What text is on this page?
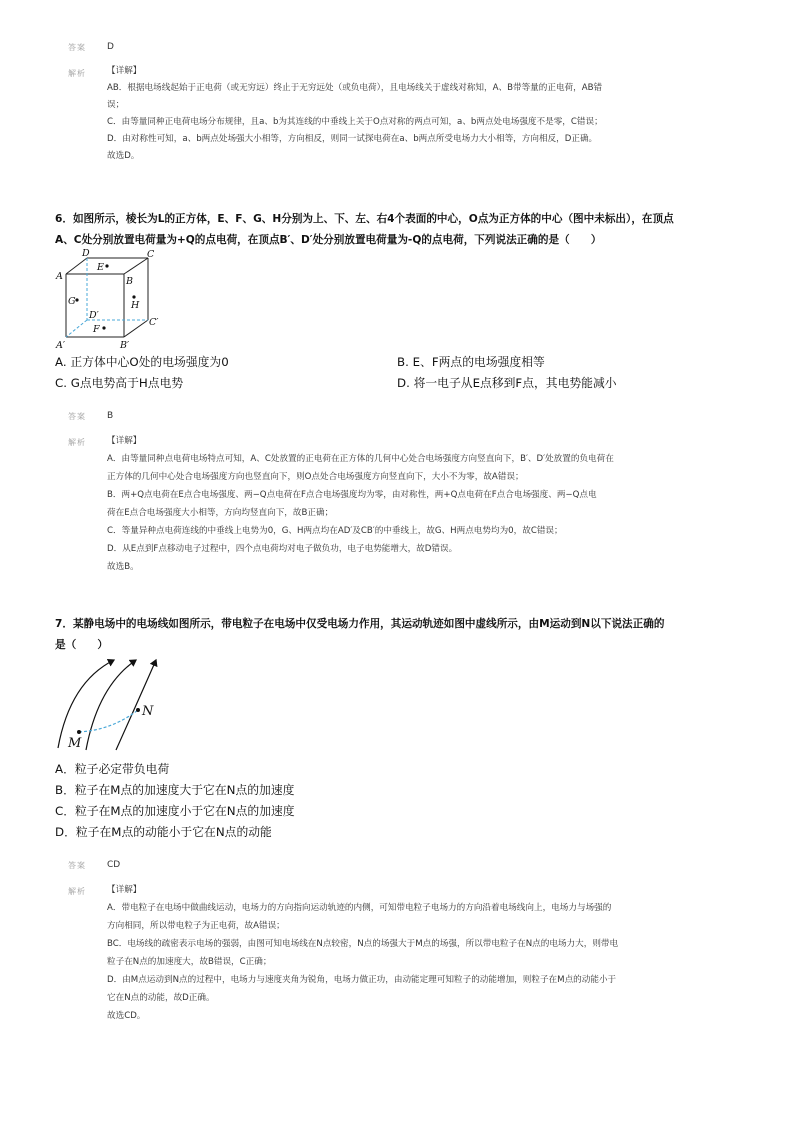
答案 D
解析 【详解】
AB．根据电场线起始于正电荷（或无穷远）终止于无穷远处（或负电荷），且电场线关于虚线对称知，A、B带等量的正电荷，AB错
误；
C．由等量同种正电荷电场分布规律，且a、b为其连线的中垂线上关于O点对称的两点可知，a、b两点处电场强度不是零，C错误；
D．由对称性可知，a、b两点处场强大小相等，方向相反，则同一试探电荷在a、b两点所受电场力大小相等，方向相反，D正确。
故选D。
6．如图所示，棱长为L的正方体，E、F、G、H分别为上、下、左、右4个表面的中心，O点为正方体的中心（图中未标出），在顶点
A、C处分别放置电荷量为+Q的点电荷，在顶点B′、D′处分别放置电荷量为-Q的点电荷，下列说法正确的是（　　）
D	C
A	B
E
G	H
D′
F
C′
A′	B′
A. 正方体中心O处的电场强度为0	B. E、F两点的电场强度相等
C. G点电势高于H点电势	D. 将一电子从E点移到F点，其电势能减小
答案 B
解析 【详解】
A．由等量同种点电荷电场特点可知，A、C处放置的正电荷在正方体的几何中心处合电场强度方向竖直向下，B′、D′处放置的负电荷在
正方体的几何中心处合电场强度方向也竖直向下，则O点处合电场强度方向竖直向下，大小不为零，故A错误；
B．两+Q点电荷在E点合电场强度、两−Q点电荷在F点合电场强度均为零，由对称性，两+Q点电荷在F点合电场强度、两−Q点电
荷在E点合电场强度大小相等，方向均竖直向下，故B正确；
C．等量异种点电荷连线的中垂线上电势为0，G、H两点均在AD′及CB′的中垂线上，故G、H两点电势均为0，故C错误；
D．从E点到F点移动电子过程中，四个点电荷均对电子做负功，电子电势能增大，故D错误。
故选B。
7．某静电场中的电场线如图所示，带电粒子在电场中仅受电场力作用，其运动轨迹如图中虚线所示，由M运动到N以下说法正确的
是（　　）
M
N
A．粒子必定带负电荷
B．粒子在M点的加速度大于它在N点的加速度
C．粒子在M点的加速度小于它在N点的加速度
D．粒子在M点的动能小于它在N点的动能
答案 CD
解析 【详解】
A．带电粒子在电场中做曲线运动，电场力的方向指向运动轨迹的内侧，可知带电粒子电场力的方向沿着电场线向上，电场力与场强的
方向相同，所以带电粒子为正电荷，故A错误；
BC．电场线的疏密表示电场的强弱，由图可知电场线在N点较密，N点的场强大于M点的场强，所以带电粒子在N点的电场力大，则带电
粒子在N点的加速度大，故B错误，C正确；
D．由M点运动到N点的过程中，电场力与速度夹角为锐角，电场力做正功，由动能定理可知粒子的动能增加，则粒子在M点的动能小于
它在N点的动能，故D正确。
故选CD。
